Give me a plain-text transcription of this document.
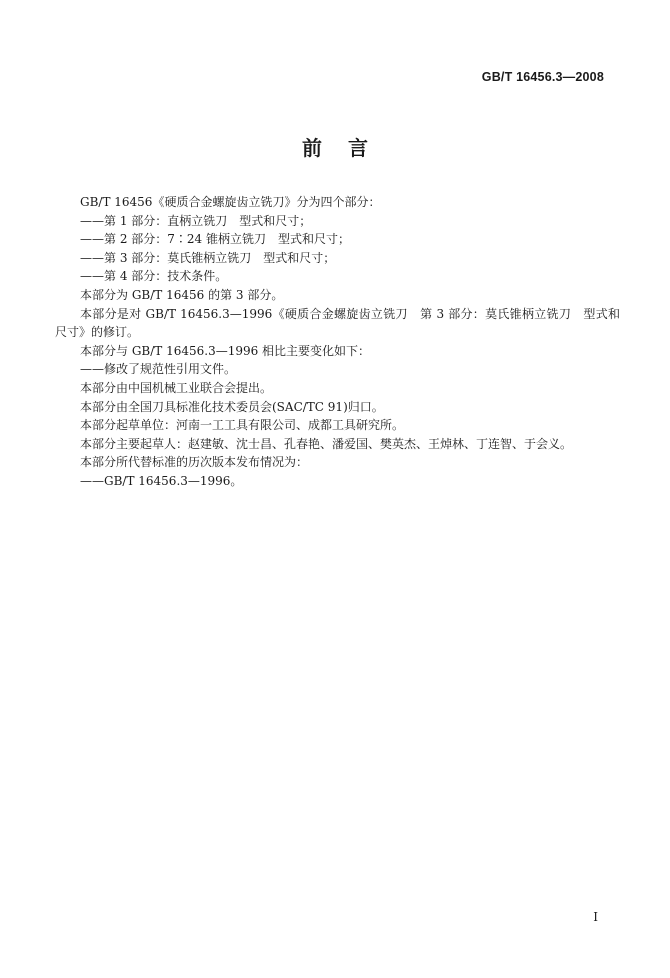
GB/T 16456.3—2008
前言

GB/T 16456《硬质合金螺旋齿立铣刀》分为四个部分：

——第 1 部分：直柄立铣刀　型式和尺寸；

——第 2 部分：7∶24 锥柄立铣刀　型式和尺寸；

——第 3 部分：莫氏锥柄立铣刀　型式和尺寸；

——第 4 部分：技术条件。

本部分为 GB/T 16456 的第 3 部分。

本部分是对 GB/T 16456.3—1996《硬质合金螺旋齿立铣刀　第 3 部分：莫氏锥柄立铣刀　型式和尺寸》的修订。

本部分与 GB/T 16456.3—1996 相比主要变化如下：

——修改了规范性引用文件。

本部分由中国机械工业联合会提出。

本部分由全国刀具标准化技术委员会(SAC/TC 91)归口。

本部分起草单位：河南一工工具有限公司、成都工具研究所。

本部分主要起草人：赵建敏、沈士昌、孔春艳、潘爱国、樊英杰、王焯林、丁连智、于会义。

本部分所代替标准的历次版本发布情况为：

——GB/T 16456.3—1996。

I
